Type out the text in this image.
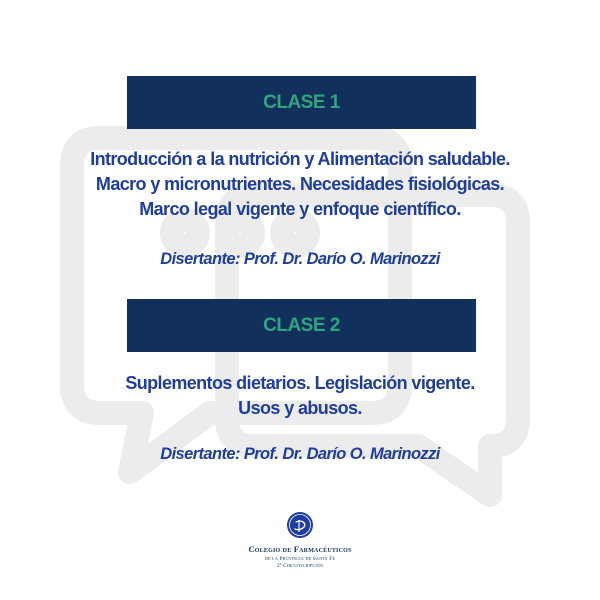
CLASE 1

Introducción a la nutrición y Alimentación saludable.
Macro y micronutrientes. Necesidades fisiológicas.
Marco legal vigente y enfoque científico.

Disertante: Prof. Dr. Darío O. Marinozzi

CLASE 2

Suplementos dietarios. Legislación vigente.
Usos y abusos.

Disertante: Prof. Dr. Darío O. Marinozzi

Colegio de Farmacéuticos

de la Provincia de Santa Fe

2ª Circunscripción
